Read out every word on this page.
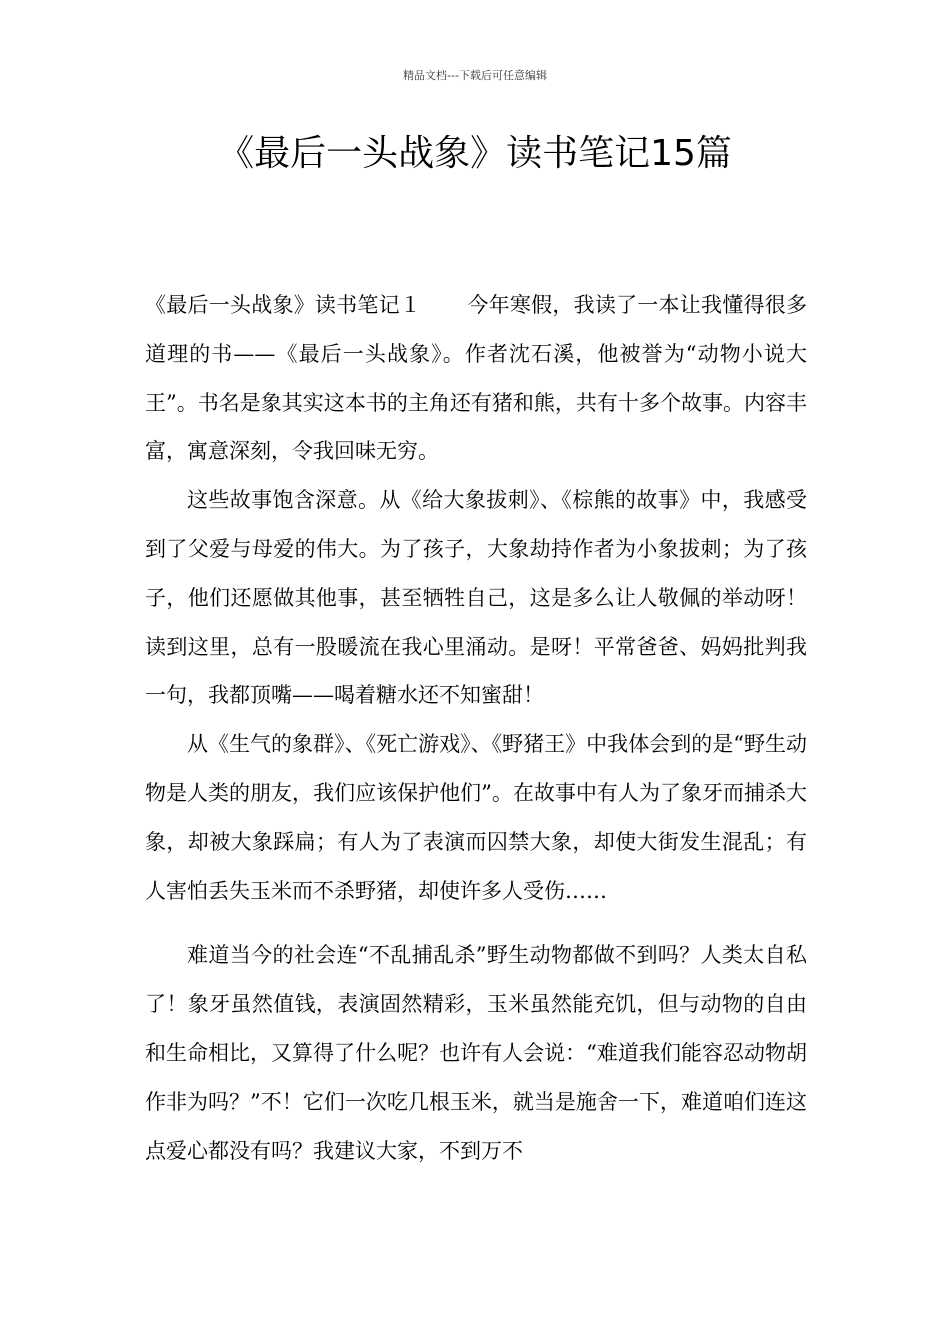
精品文档---下载后可任意编辑
《最后一头战象》读书笔记15篇

《最后一头战象》读书笔记１ 今年寒假，我读了一本让我懂得很多道理的书——《最后一头战象》。作者沈石溪，他被誉为“动物小说大王”。书名是象其实这本书的主角还有猪和熊，共有十多个故事。内容丰富，寓意深刻，令我回味无穷。

这些故事饱含深意。从《给大象拔刺》、《棕熊的故事》中，我感受到了父爱与母爱的伟大。为了孩子，大象劫持作者为小象拔刺；为了孩子，他们还愿做其他事，甚至牺牲自己，这是多么让人敬佩的举动呀！读到这里，总有一股暖流在我心里涌动。是呀！平常爸爸、妈妈批判我一句，我都顶嘴——喝着糖水还不知蜜甜！

从《生气的象群》、《死亡游戏》、《野猪王》中我体会到的是“野生动物是人类的朋友，我们应该保护他们”。在故事中有人为了象牙而捕杀大象，却被大象踩扁；有人为了表演而囚禁大象，却使大街发生混乱；有人害怕丢失玉米而不杀野猪，却使许多人受伤……

难道当今的社会连“不乱捕乱杀”野生动物都做不到吗？人类太自私了！象牙虽然值钱，表演固然精彩，玉米虽然能充饥，但与动物的自由和生命相比，又算得了什么呢？也许有人会说：“难道我们能容忍动物胡作非为吗？”不！它们一次吃几根玉米，就当是施舍一下，难道咱们连这点爱心都没有吗？我建议大家，不到万不
